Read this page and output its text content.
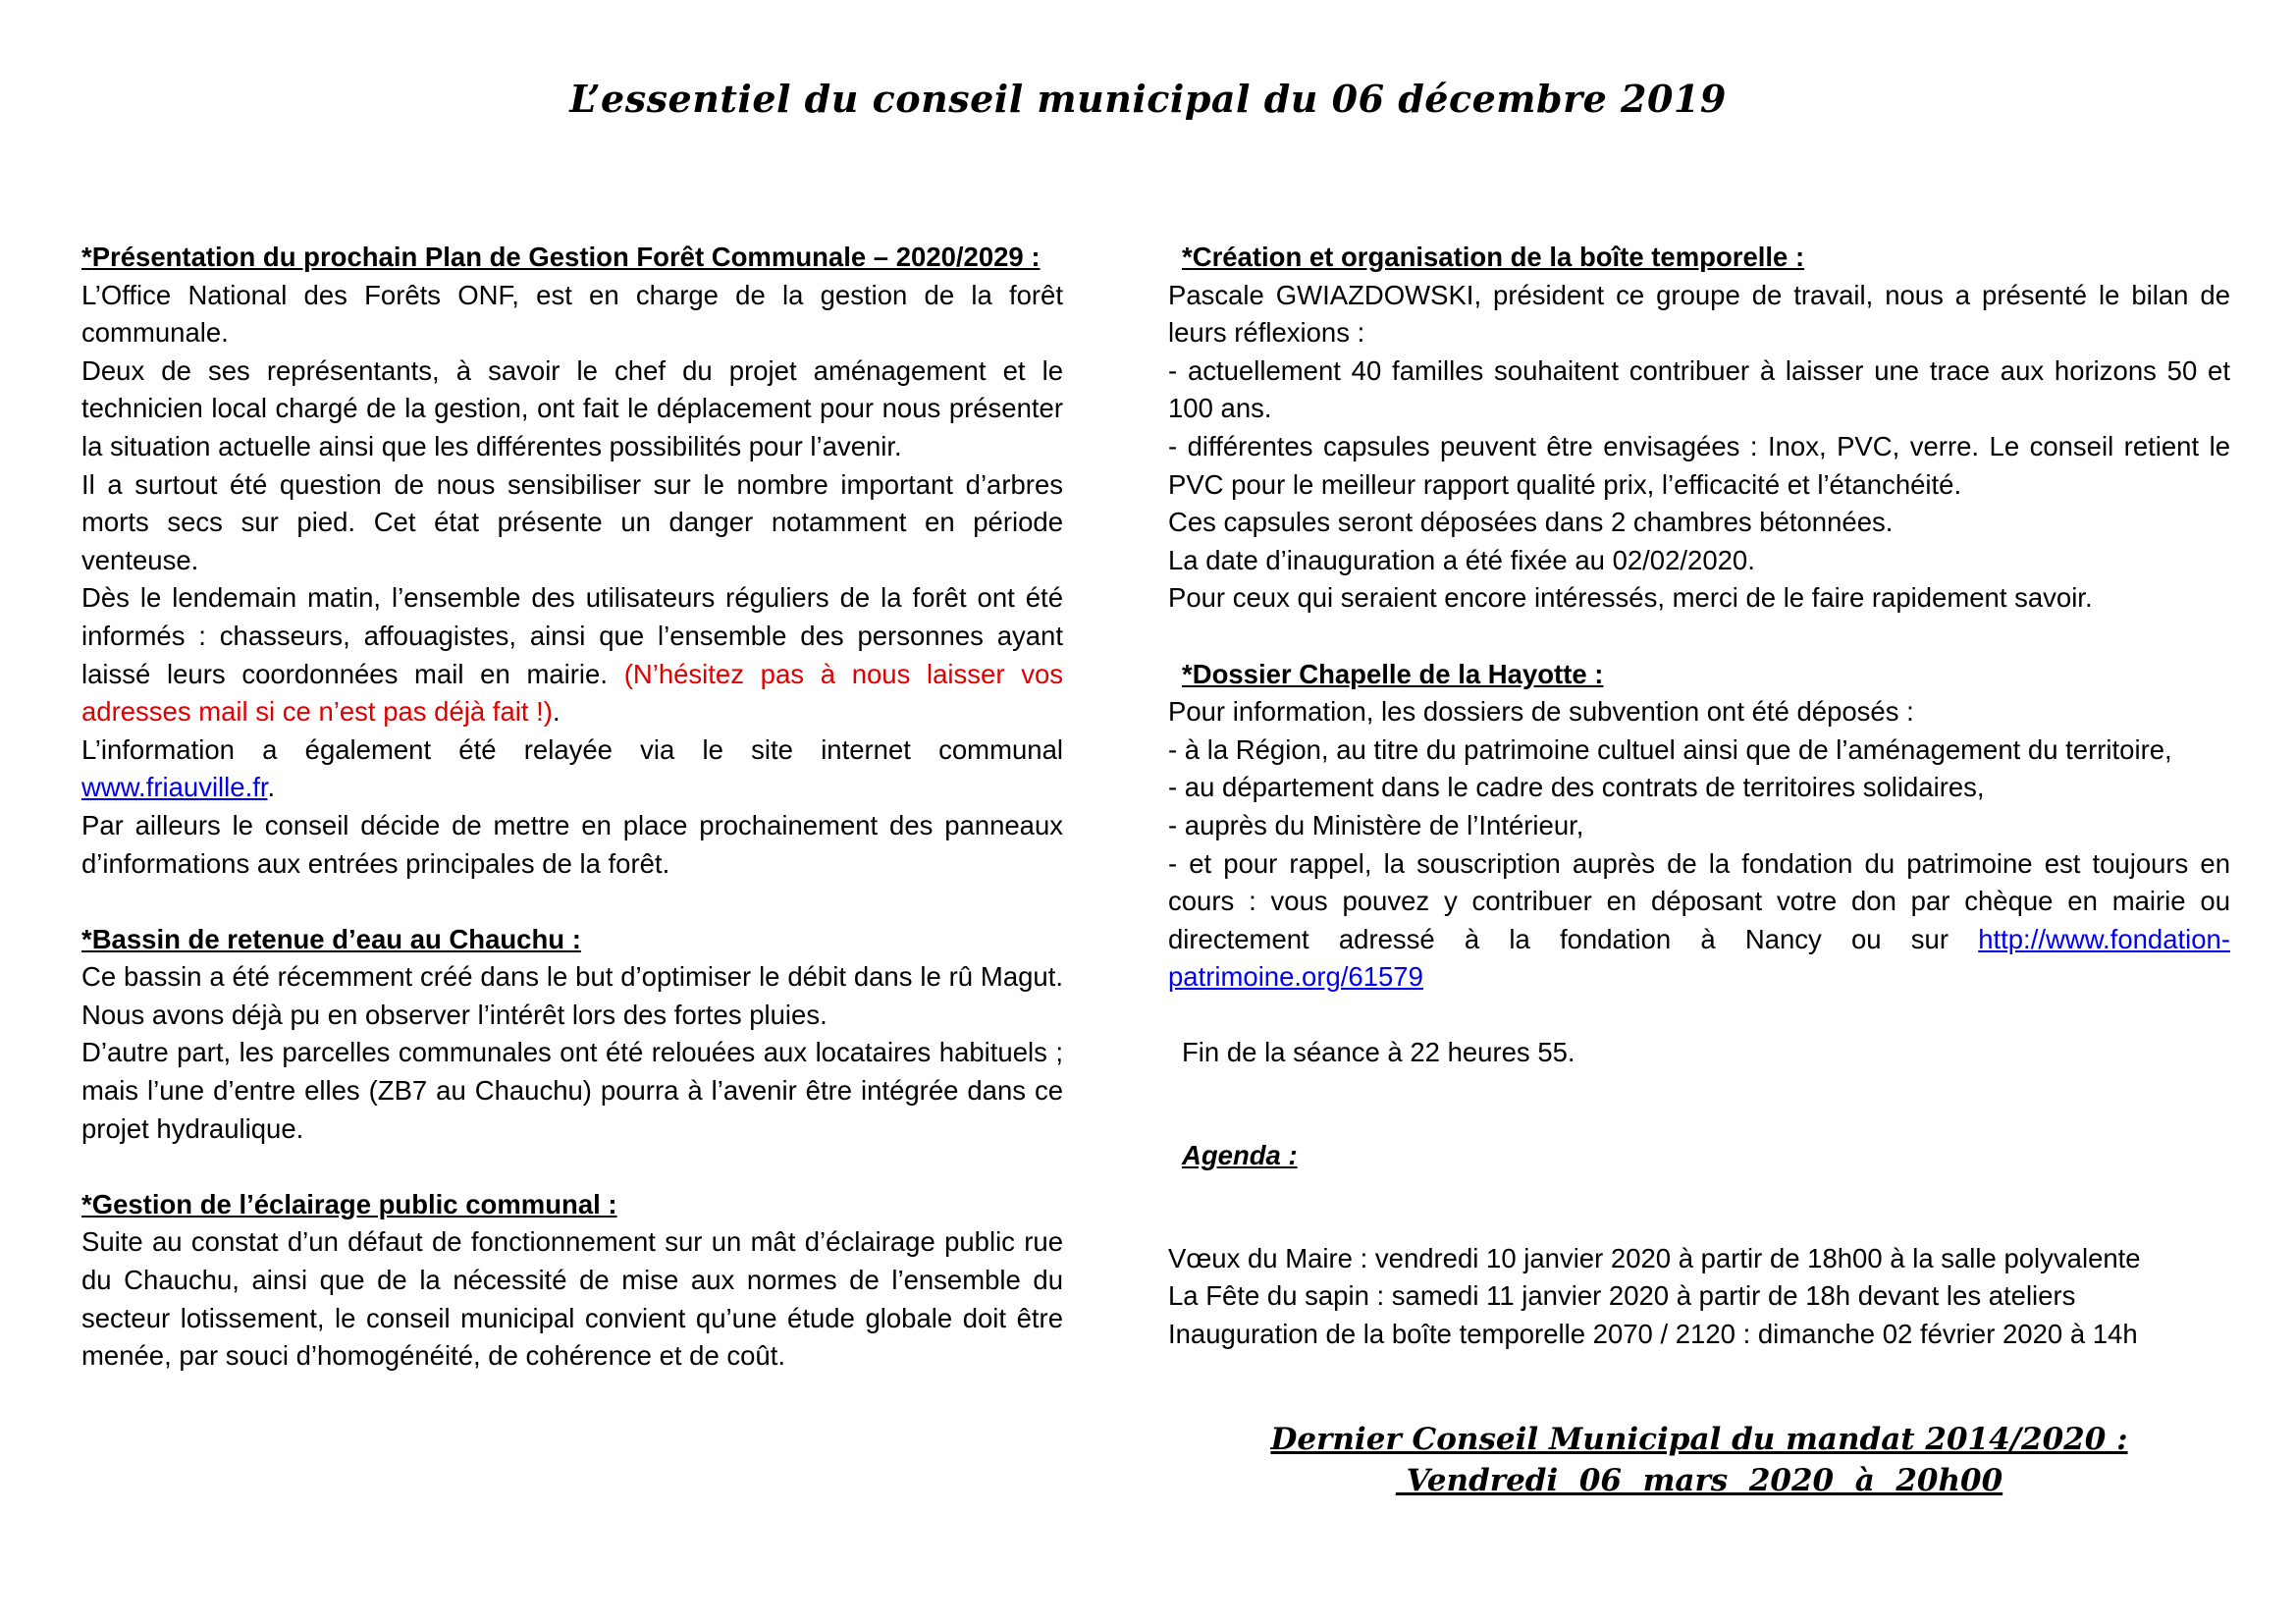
L’essentiel du conseil municipal du 06 décembre 2019

*Présentation du prochain Plan de Gestion Forêt Communale – 2020/2029 :

L’Office National des Forêts ONF, est en charge de la gestion de la forêt communale.

Deux de ses représentants, à savoir le chef du projet aménagement et le technicien local chargé de la gestion, ont fait le déplacement pour nous présenter la situation actuelle ainsi que les différentes possibilités pour l’avenir.

Il a surtout été question de nous sensibiliser sur le nombre important d’arbres morts secs sur pied. Cet état présente un danger notamment en période venteuse.

Dès le lendemain matin, l’ensemble des utilisateurs réguliers de la forêt ont été informés : chasseurs, affouagistes, ainsi que l’ensemble des personnes ayant laissé leurs coordonnées mail en mairie. (N’hésitez pas à nous laisser vos adresses mail si ce n’est pas déjà fait !).

L’information a également été relayée via le site internet communal www.friauville.fr.

Par ailleurs le conseil décide de mettre en place prochainement des panneaux d’informations aux entrées principales de la forêt.

*Bassin de retenue d’eau au Chauchu :

Ce bassin a été récemment créé dans le but d’optimiser le débit dans le rû Magut. Nous avons déjà pu en observer l’intérêt lors des fortes pluies.

D’autre part, les parcelles communales ont été relouées aux locataires habituels ; mais l’une d’entre elles (ZB7 au Chauchu) pourra à l’avenir être intégrée dans ce projet hydraulique.

*Gestion de l’éclairage public communal :

Suite au constat d’un défaut de fonctionnement sur un mât d’éclairage public rue du Chauchu, ainsi que de la nécessité de mise aux normes de l’ensemble du secteur lotissement, le conseil municipal convient qu’une étude globale doit être menée, par souci d’homogénéité, de cohérence et de coût.

*Création et organisation de la boîte temporelle :

Pascale GWIAZDOWSKI, président ce groupe de travail, nous a présenté le bilan de leurs réflexions :

- actuellement 40 familles souhaitent contribuer à laisser une trace aux horizons 50 et 100 ans.

- différentes capsules peuvent être envisagées : Inox, PVC, verre. Le conseil retient le PVC pour le meilleur rapport qualité prix, l’efficacité et l’étanchéité.

Ces capsules seront déposées dans 2 chambres bétonnées.

La date d’inauguration a été fixée au 02/02/2020.

Pour ceux qui seraient encore intéressés, merci de le faire rapidement savoir.

*Dossier Chapelle de la Hayotte :

Pour information, les dossiers de subvention ont été déposés :

- à la Région, au titre du patrimoine cultuel ainsi que de l’aménagement du territoire,

- au département dans le cadre des contrats de territoires solidaires,

- auprès du Ministère de l’Intérieur,

- et pour rappel, la souscription auprès de la fondation du patrimoine est toujours en cours : vous pouvez y contribuer en déposant votre don par chèque en mairie ou directement adressé à la fondation à Nancy ou sur http://www.fondation-patrimoine.org/61579

Fin de la séance à 22 heures 55.

Agenda :

Vœux du Maire : vendredi 10 janvier 2020 à partir de 18h00 à la salle polyvalente

La Fête du sapin : samedi 11 janvier 2020 à partir de 18h devant les ateliers

Inauguration de la boîte temporelle 2070 / 2120 : dimanche 02 février 2020 à 14h

Dernier Conseil Municipal du mandat 2014/2020 :
Vendredi  06  mars  2020  à  20h00
